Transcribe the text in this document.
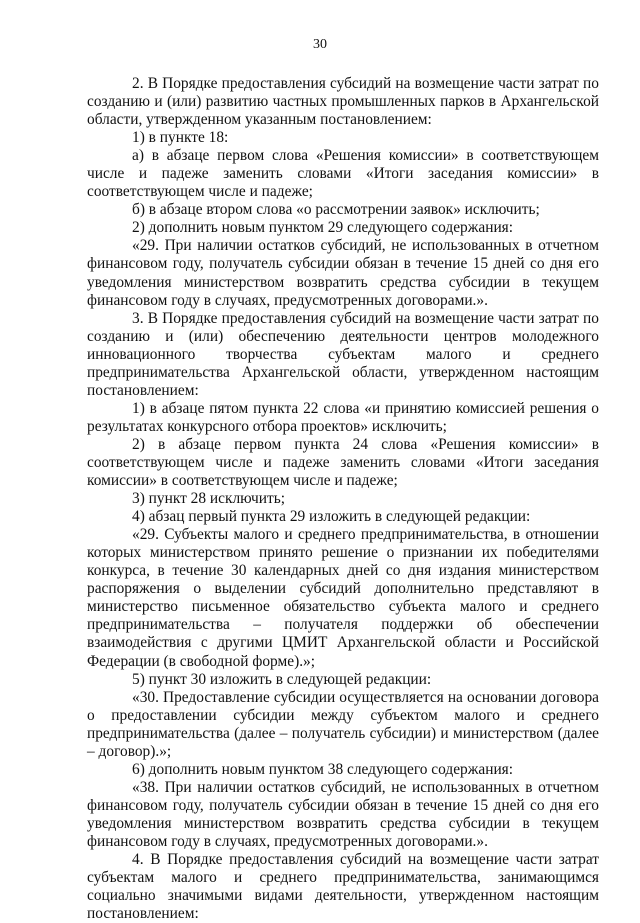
30

2. В Порядке предоставления субсидий на возмещение части затрат по созданию и (или) развитию частных промышленных парков в Архангельской области, утвержденном указанным постановлением:

1) в пункте 18:

а) в абзаце первом слова «Решения комиссии» в соответствующем числе и падеже заменить словами «Итоги заседания комиссии» в соответствующем числе и падеже;

б) в абзаце втором слова «о рассмотрении заявок» исключить;

2) дополнить новым пунктом 29 следующего содержания:

«29. При наличии остатков субсидий, не использованных в отчетном финансовом году, получатель субсидии обязан в течение 15 дней со дня его уведомления министерством возвратить средства субсидии в текущем финансовом году в случаях, предусмотренных договорами.».

3. В Порядке предоставления субсидий на возмещение части затрат по созданию и (или) обеспечению деятельности центров молодежного инновационного творчества субъектам малого и среднего предпринимательства Архангельской области, утвержденном настоящим постановлением:

1) в абзаце пятом пункта 22 слова «и принятию комиссией решения о результатах конкурсного отбора проектов» исключить;

2) в абзаце первом пункта 24 слова «Решения комиссии» в соответствующем числе и падеже заменить словами «Итоги заседания комиссии» в соответствующем числе и падеже;

3) пункт 28 исключить;

4) абзац первый пункта 29 изложить в следующей редакции:

«29. Субъекты малого и среднего предпринимательства, в отношении которых министерством принято решение о признании их победителями конкурса, в течение 30 календарных дней со дня издания министерством распоряжения о выделении субсидий дополнительно представляют в министерство письменное обязательство субъекта малого и среднего предпринимательства – получателя поддержки об обеспечении взаимодействия с другими ЦМИТ Архангельской области и Российской Федерации (в свободной форме).»;

5) пункт 30 изложить в следующей редакции:

«30. Предоставление субсидии осуществляется на основании договора о предоставлении субсидии между субъектом малого и среднего предпринимательства (далее – получатель субсидии) и министерством (далее – договор).»;

6) дополнить новым пунктом 38 следующего содержания:

«38. При наличии остатков субсидий, не использованных в отчетном финансовом году, получатель субсидии обязан в течение 15 дней со дня его уведомления министерством возвратить средства субсидии в текущем финансовом году в случаях, предусмотренных договорами.».

4. В Порядке предоставления субсидий на возмещение части затрат субъектам малого и среднего предпринимательства, занимающимся социально значимыми видами деятельности, утвержденном настоящим постановлением:
